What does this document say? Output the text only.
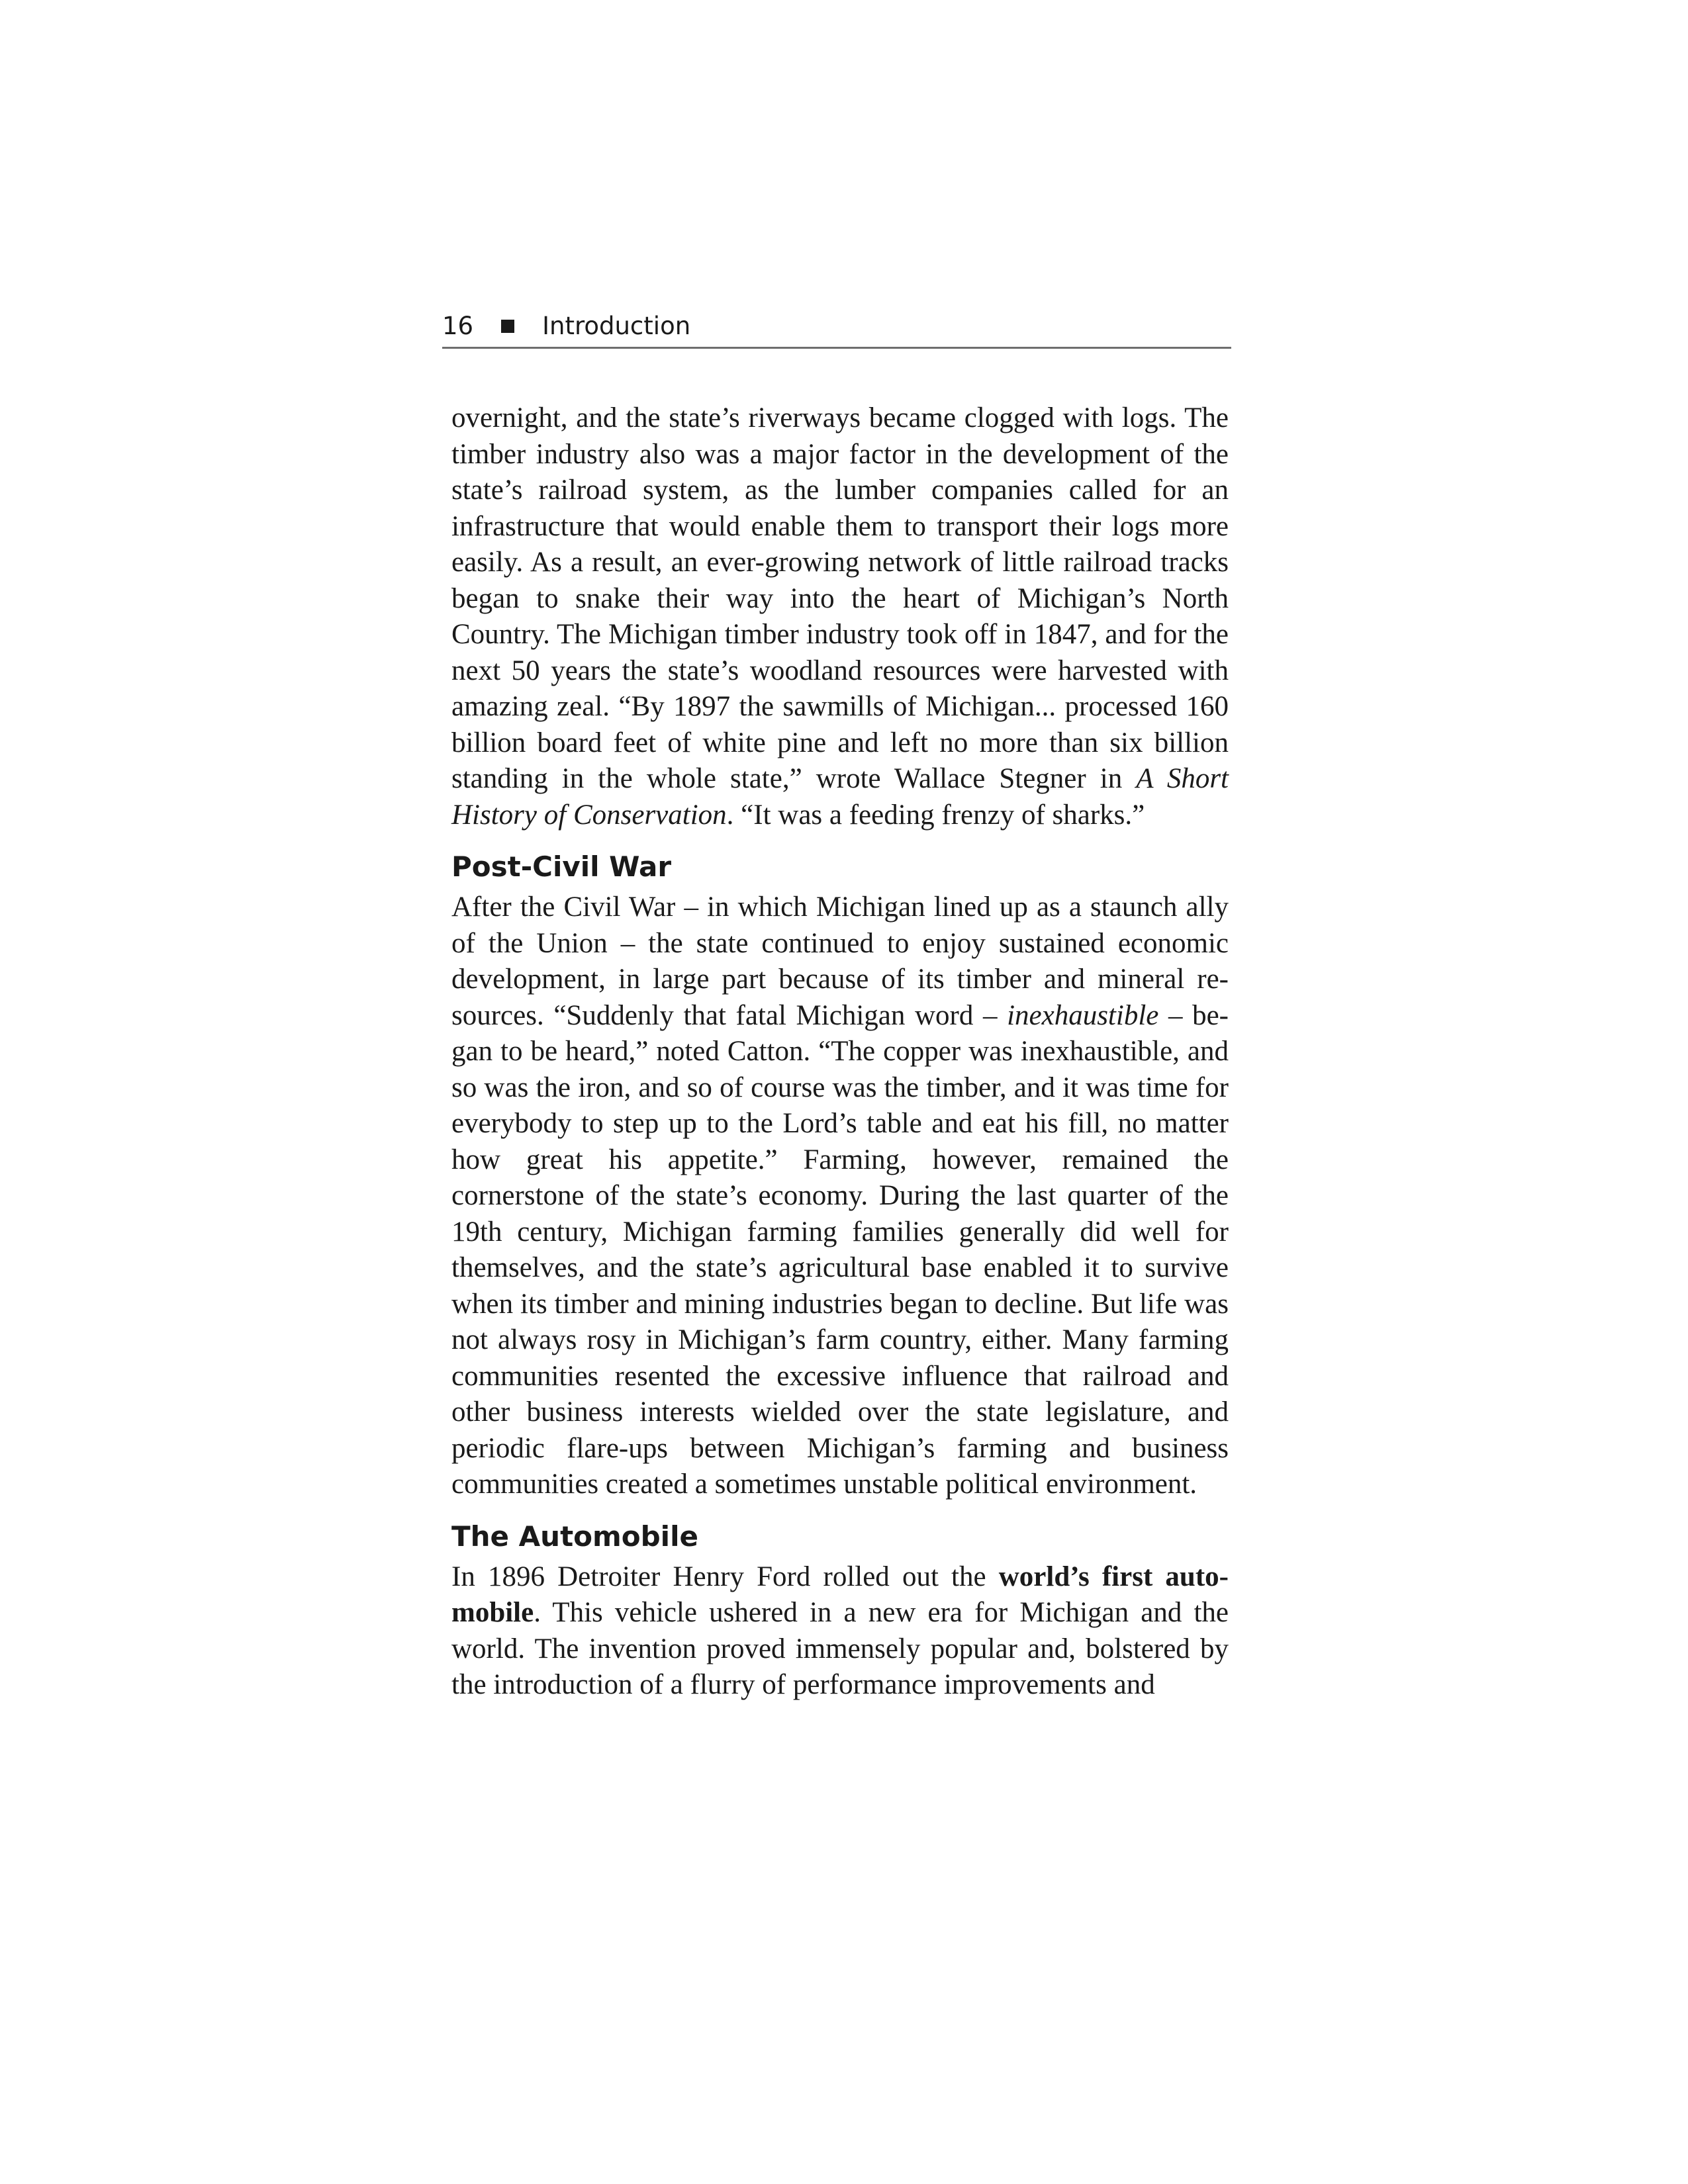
16	Introduction

overnight, and the state’s riverways became clogged with logs. The timber industry also was a major factor in the development of the state’s railroad system, as the lumber companies called for an infrastructure that would enable them to transport their logs more easily. As a result, an ever-growing network of little railroad tracks began to snake their way into the heart of Michigan’s North Country. The Michigan timber industry took off in 1847, and for the next 50 years the state’s woodland resources were harvested with amazing zeal. “By 1897 the sawmills of Michigan... processed 160 billion board feet of white pine and left no more than six billion standing in the whole state,” wrote Wallace Stegner in A Short History of Conservation. “It was a feeding frenzy of sharks.”

Post-Civil War

After the Civil War – in which Michigan lined up as a staunch ally of the Union – the state continued to enjoy sustained economic development, in large part because of its timber and mineral resources. “Suddenly that fatal Michigan word – inexhaustible – began to be heard,” noted Catton. “The copper was inexhaustible, and so was the iron, and so of course was the timber, and it was time for everybody to step up to the Lord’s table and eat his fill, no matter how great his appetite.” Farming, however, remained the cornerstone of the state’s economy. During the last quarter of the 19th century, Michigan farming families generally did well for themselves, and the state’s agricultural base enabled it to survive when its timber and mining industries began to decline. But life was not always rosy in Michigan’s farm country, either. Many farming communities resented the excessive influence that railroad and other business interests wielded over the state legislature, and periodic flare-ups between Michigan’s farming and business communities created a sometimes unstable political environment.

The Automobile

In 1896 Detroiter Henry Ford rolled out the world’s first automobile. This vehicle ushered in a new era for Michigan and the world. The invention proved immensely popular and, bolstered by the introduction of a flurry of performance improvements and
